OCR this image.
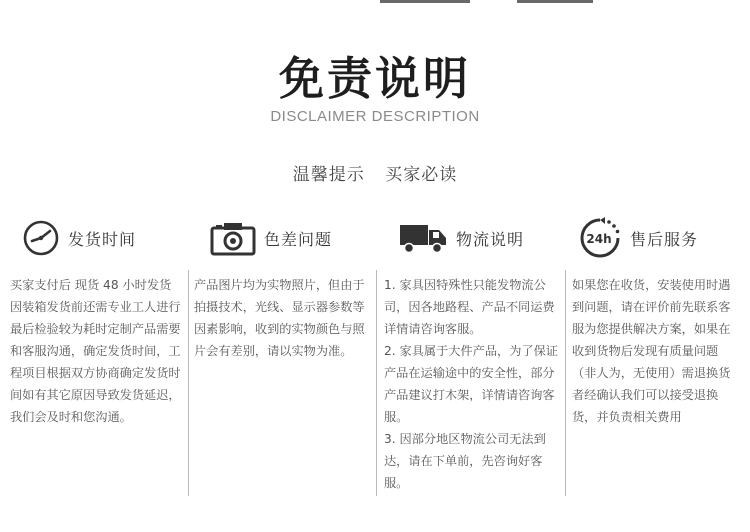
免责说明
DISCLAIMER DESCRIPTION
温馨提示 买家必读
发货时间	色差问题	物流说明	24h 售后服务

买家支付后 现货 48 小时发货 因装箱发货前还需专业工人进行最后检验较为耗时定制产品需要和客服沟通，确定发货时间，工程项目根据双方协商确定发货时间如有其它原因导致发货延迟，我们会及时和您沟通。

产品图片均为实物照片，但由于拍摄技术，光线、显示器参数等因素影响，收到的实物颜色与照片会有差别，请以实物为准。

1. 家具因特殊性只能发物流公司，因各地路程、产品不同运费详情请咨询客服。

2. 家具属于大件产品，为了保证产品在运输途中的安全性，部分产品建议打木架，详情请咨询客服。

3. 因部分地区物流公司无法到达，请在下单前，先咨询好客服。

如果您在收货，安装使用时遇到问题，请在评价前先联系客服为您提供解决方案，如果在收到货物后发现有质量问题（非人为，无使用）需退换货者经确认我们可以接受退换货，并负责相关费用
